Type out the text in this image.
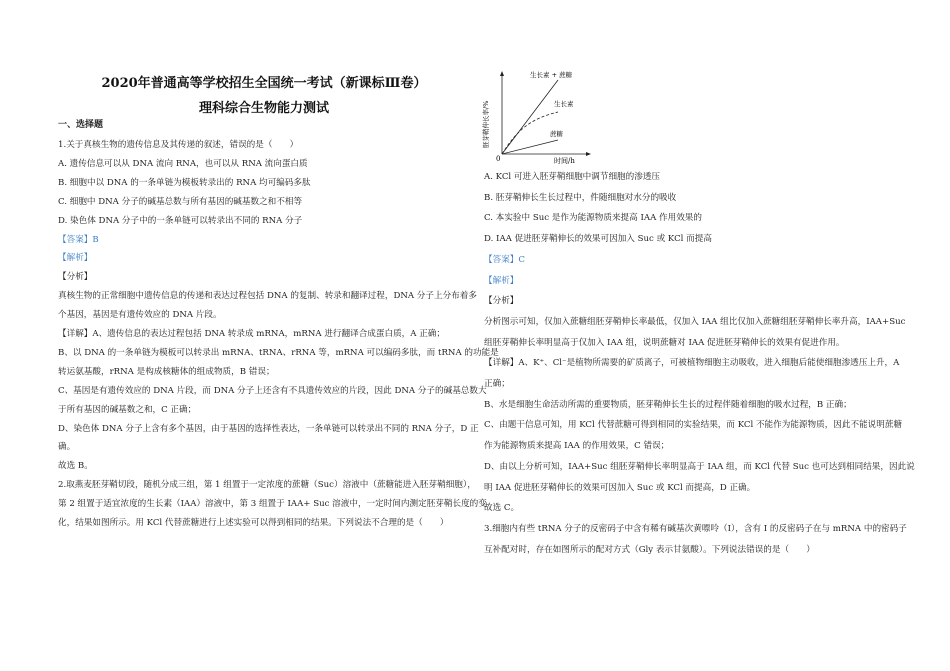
2020年普通高等学校招生全国统一考试（新课标Ⅲ卷）
理科综合生物能力测试
一、选择题
1.关于真核生物的遗传信息及其传递的叙述，错误的是（　　）
A. 遗传信息可以从 DNA 流向 RNA，也可以从 RNA 流向蛋白质
B. 细胞中以 DNA 的一条单链为模板转录出的 RNA 均可编码多肽
C. 细胞中 DNA 分子的碱基总数与所有基因的碱基数之和不相等
D. 染色体 DNA 分子中的一条单链可以转录出不同的 RNA 分子
【答案】B
【解析】
【分析】
真核生物的正常细胞中遗传信息的传递和表达过程包括 DNA 的复制、转录和翻译过程，DNA 分子上分布着多
个基因，基因是有遗传效应的 DNA 片段。
【详解】A、遗传信息的表达过程包括 DNA 转录成 mRNA，mRNA 进行翻译合成蛋白质，A 正确；
B、以 DNA 的一条单链为模板可以转录出 mRNA、tRNA、rRNA 等，mRNA 可以编码多肽，而 tRNA 的功能是
转运氨基酸，rRNA 是构成核糖体的组成物质，B 错误；
C、基因是有遗传效应的 DNA 片段，而 DNA 分子上还含有不具遗传效应的片段，因此 DNA 分子的碱基总数大
于所有基因的碱基数之和，C 正确；
D、染色体 DNA 分子上含有多个基因，由于基因的选择性表达，一条单链可以转录出不同的 RNA 分子，D 正
确。
故选 B。
2.取燕麦胚芽鞘切段，随机分成三组，第 1 组置于一定浓度的蔗糖（Suc）溶液中（蔗糖能进入胚芽鞘细胞），
第 2 组置于适宜浓度的生长素（IAA）溶液中，第 3 组置于 IAA+ Suc 溶液中，一定时间内测定胚芽鞘长度的变
化，结果如图所示。用 KCl 代替蔗糖进行上述实验可以得到相同的结果。下列说法不合理的是（　　）
胚芽鞘伸长率/%
0	时间/h
生长素 + 蔗糖
生长素
蔗糖
A. KCl 可进入胚芽鞘细胞中调节细胞的渗透压
B. 胚芽鞘伸长生长过程中，件随细胞对水分的吸收
C. 本实验中 Suc 是作为能源物质来提高 IAA 作用效果的
D. IAA 促进胚芽鞘伸长的效果可因加入 Suc 或 KCl 而提高
【答案】C
【解析】
【分析】
分析图示可知，仅加入蔗糖组胚芽鞘伸长率最低，仅加入 IAA 组比仅加入蔗糖组胚芽鞘伸长率升高，IAA+Suc
组胚芽鞘伸长率明显高于仅加入 IAA 组，说明蔗糖对 IAA 促进胚芽鞘伸长的效果有促进作用。
【详解】A、K⁺、Cl⁻是植物所需要的矿质离子，可被植物细胞主动吸收，进入细胞后能使细胞渗透压上升，A
正确；
B、水是细胞生命活动所需的重要物质，胚芽鞘伸长生长的过程伴随着细胞的吸水过程，B 正确；
C、由题干信息可知，用 KCl 代替蔗糖可得到相同的实验结果，而 KCl 不能作为能源物质，因此不能说明蔗糖
作为能源物质来提高 IAA 的作用效果，C 错误；
D、由以上分析可知，IAA+Suc 组胚芽鞘伸长率明显高于 IAA 组，而 KCl 代替 Suc 也可达到相同结果，因此说
明 IAA 促进胚芽鞘伸长的效果可因加入 Suc 或 KCl 而提高，D 正确。
故选 C。
3.细胞内有些 tRNA 分子的反密码子中含有稀有碱基次黄嘌呤（I），含有 I 的反密码子在与 mRNA 中的密码子
互补配对时，存在如图所示的配对方式（Gly 表示甘氨酸）。下列说法错误的是（　　）
